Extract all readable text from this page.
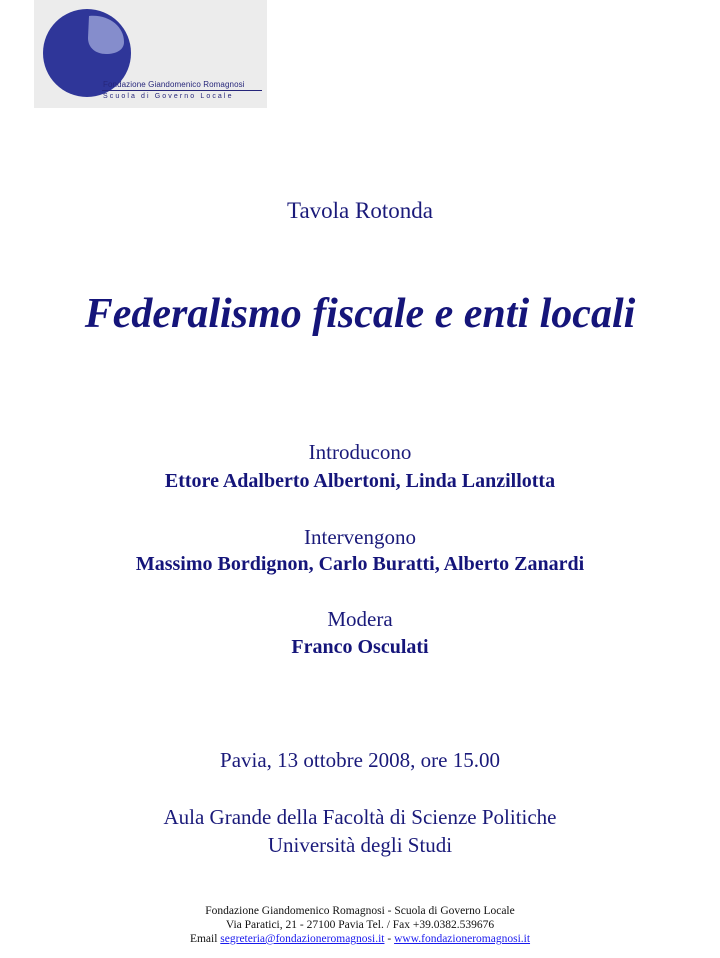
Fondazione Giandomenico Romagnosi
Scuola di Governo Locale
Tavola Rotonda
Federalismo fiscale e enti locali
Introducono
Ettore Adalberto Albertoni, Linda Lanzillotta
Intervengono
Massimo Bordignon, Carlo Buratti, Alberto Zanardi
Modera
Franco Osculati
Pavia, 13 ottobre 2008, ore 15.00
Aula Grande della Facoltà di Scienze Politiche
Università degli Studi
Fondazione Giandomenico Romagnosi - Scuola di Governo Locale
Via Paratici, 21 - 27100 Pavia Tel. / Fax +39.0382.539676
Email segreteria@fondazioneromagnosi.it - www.fondazioneromagnosi.it
